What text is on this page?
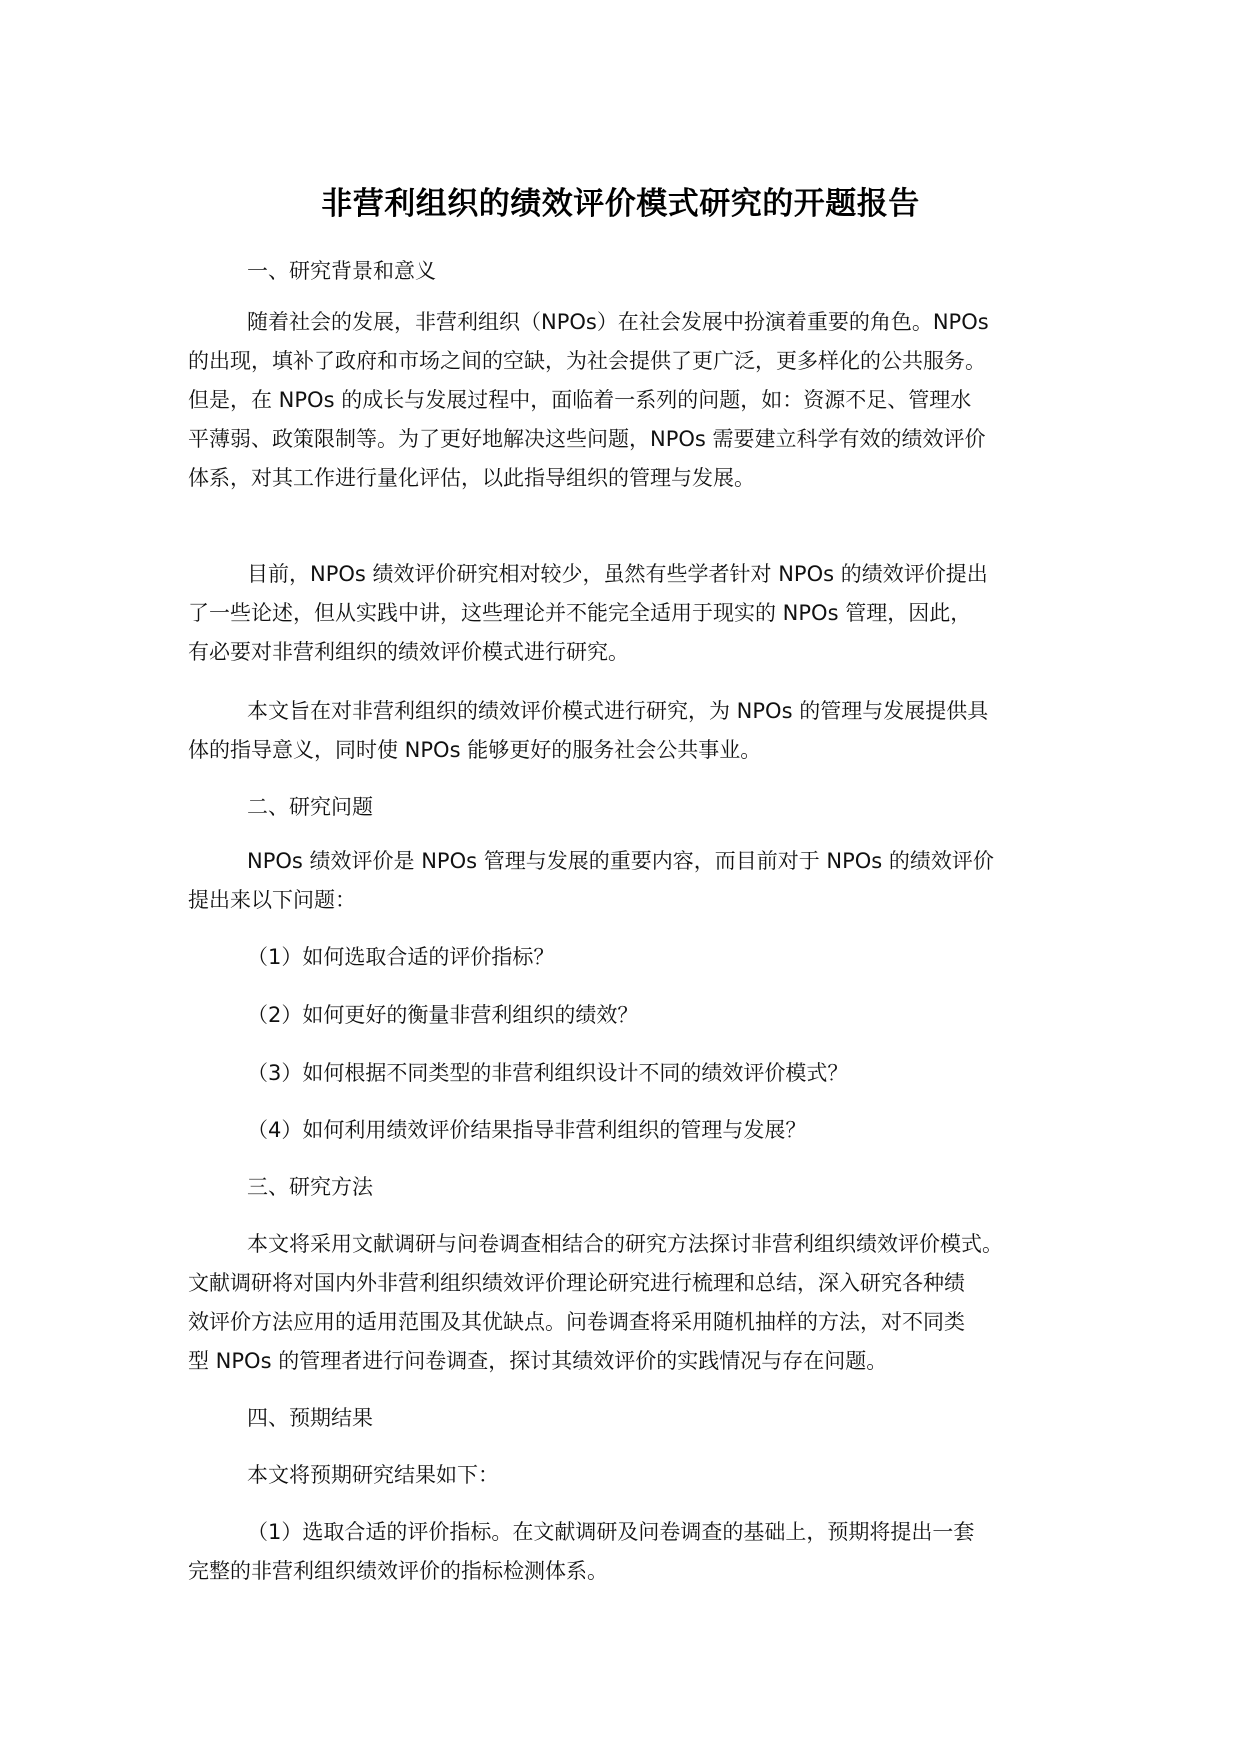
非营利组织的绩效评价模式研究的开题报告

一、研究背景和意义

随着社会的发展，非营利组织（NPOs）在社会发展中扮演着重要的角色。NPOs
的出现，填补了政府和市场之间的空缺，为社会提供了更广泛，更多样化的公共服务。
但是，在 NPOs 的成长与发展过程中，面临着一系列的问题，如：资源不足、管理水
平薄弱、政策限制等。为了更好地解决这些问题，NPOs 需要建立科学有效的绩效评价
体系，对其工作进行量化评估，以此指导组织的管理与发展。

目前，NPOs 绩效评价研究相对较少，虽然有些学者针对 NPOs 的绩效评价提出
了一些论述，但从实践中讲，这些理论并不能完全适用于现实的 NPOs 管理，因此，
有必要对非营利组织的绩效评价模式进行研究。

本文旨在对非营利组织的绩效评价模式进行研究，为 NPOs 的管理与发展提供具
体的指导意义，同时使 NPOs 能够更好的服务社会公共事业。

二、研究问题

NPOs 绩效评价是 NPOs 管理与发展的重要内容，而目前对于 NPOs 的绩效评价
提出来以下问题：

（1）如何选取合适的评价指标？

（2）如何更好的衡量非营利组织的绩效？

（3）如何根据不同类型的非营利组织设计不同的绩效评价模式？

（4）如何利用绩效评价结果指导非营利组织的管理与发展？

三、研究方法

本文将采用文献调研与问卷调查相结合的研究方法探讨非营利组织绩效评价模式。
文献调研将对国内外非营利组织绩效评价理论研究进行梳理和总结，深入研究各种绩
效评价方法应用的适用范围及其优缺点。问卷调查将采用随机抽样的方法，对不同类
型 NPOs 的管理者进行问卷调查，探讨其绩效评价的实践情况与存在问题。

四、预期结果

本文将预期研究结果如下：

（1）选取合适的评价指标。在文献调研及问卷调查的基础上，预期将提出一套
完整的非营利组织绩效评价的指标检测体系。
